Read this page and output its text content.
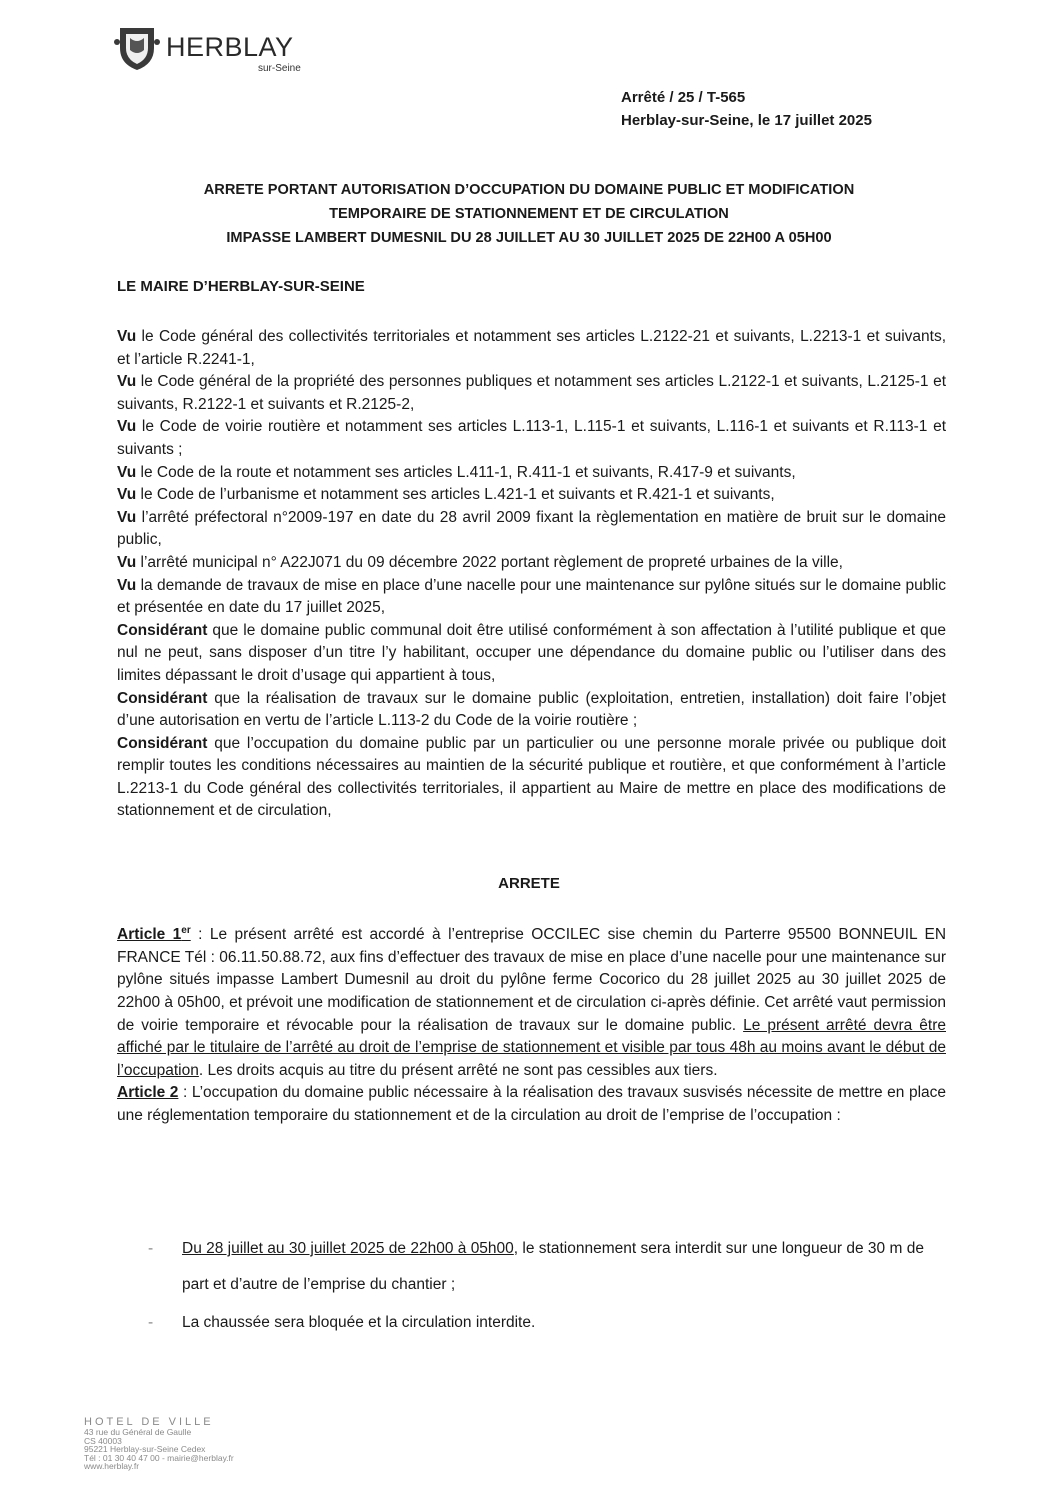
HERBLAY
sur-Seine
Arrêté / 25 / T-565
Herblay-sur-Seine, le 17 juillet 2025
ARRETE PORTANT AUTORISATION D’OCCUPATION DU DOMAINE PUBLIC ET MODIFICATION
TEMPORAIRE DE STATIONNEMENT ET DE CIRCULATION
IMPASSE LAMBERT DUMESNIL DU 28 JUILLET AU 30 JUILLET 2025 DE 22H00 A 05H00
LE MAIRE D’HERBLAY-SUR-SEINE
Vu le Code général des collectivités territoriales et notamment ses articles L.2122-21 et suivants, L.2213-1 et suivants, et l’article R.2241-1,
Vu le Code général de la propriété des personnes publiques et notamment ses articles L.2122-1 et suivants, L.2125-1 et suivants, R.2122-1 et suivants et R.2125-2,
Vu le Code de voirie routière et notamment ses articles L.113-1, L.115-1 et suivants, L.116-1 et suivants et R.113-1 et suivants ;
Vu le Code de la route et notamment ses articles L.411-1, R.411-1 et suivants, R.417-9 et suivants,
Vu le Code de l’urbanisme et notamment ses articles L.421-1 et suivants et R.421-1 et suivants,
Vu l’arrêté préfectoral n°2009-197 en date du 28 avril 2009 fixant la règlementation en matière de bruit sur le domaine public,
Vu l’arrêté municipal n° A22J071 du 09 décembre 2022 portant règlement de propreté urbaines de la ville,
Vu la demande de travaux de mise en place d’une nacelle pour une maintenance sur pylône situés sur le domaine public et présentée en date du 17 juillet 2025,
Considérant que le domaine public communal doit être utilisé conformément à son affectation à l’utilité publique et que nul ne peut, sans disposer d’un titre l’y habilitant, occuper une dépendance du domaine public ou l’utiliser dans des limites dépassant le droit d’usage qui appartient à tous,
Considérant que la réalisation de travaux sur le domaine public (exploitation, entretien, installation) doit faire l’objet d’une autorisation en vertu de l’article L.113-2 du Code de la voirie routière ;
Considérant que l’occupation du domaine public par un particulier ou une personne morale privée ou publique doit remplir toutes les conditions nécessaires au maintien de la sécurité publique et routière, et que conformément à l’article L.2213-1 du Code général des collectivités territoriales, il appartient au Maire de mettre en place des modifications de stationnement et de circulation,
ARRETE

Article 1er : Le présent arrêté est accordé à l’entreprise OCCILEC sise chemin du Parterre 95500 BONNEUIL EN FRANCE Tél : 06.11.50.88.72, aux fins d’effectuer des travaux de mise en place d’une nacelle pour une maintenance sur pylône situés impasse Lambert Dumesnil au droit du pylône ferme Cocorico du 28 juillet 2025 au 30 juillet 2025 de 22h00 à 05h00, et prévoit une modification de stationnement et de circulation ci-après définie. Cet arrêté vaut permission de voirie temporaire et révocable pour la réalisation de travaux sur le domaine public. Le présent arrêté devra être affiché par le titulaire de l’arrêté au droit de l’emprise de stationnement et visible par tous 48h au moins avant le début de l’occupation. Les droits acquis au titre du présent arrêté ne sont pas cessibles aux tiers.

Article 2 : L’occupation du domaine public nécessaire à la réalisation des travaux susvisés nécessite de mettre en place une réglementation temporaire du stationnement et de la circulation au droit de l’emprise de l’occupation :

- Du 28 juillet au 30 juillet 2025 de 22h00 à 05h00, le stationnement sera interdit sur une longueur de 30 m de part et d’autre de l’emprise du chantier ;
- La chaussée sera bloquée et la circulation interdite.
HOTEL DE VILLE
43 rue du Général de Gaulle
CS 40003
95221 Herblay-sur-Seine Cedex
Tél : 01 30 40 47 00 - mairie@herblay.fr
www.herblay.fr
